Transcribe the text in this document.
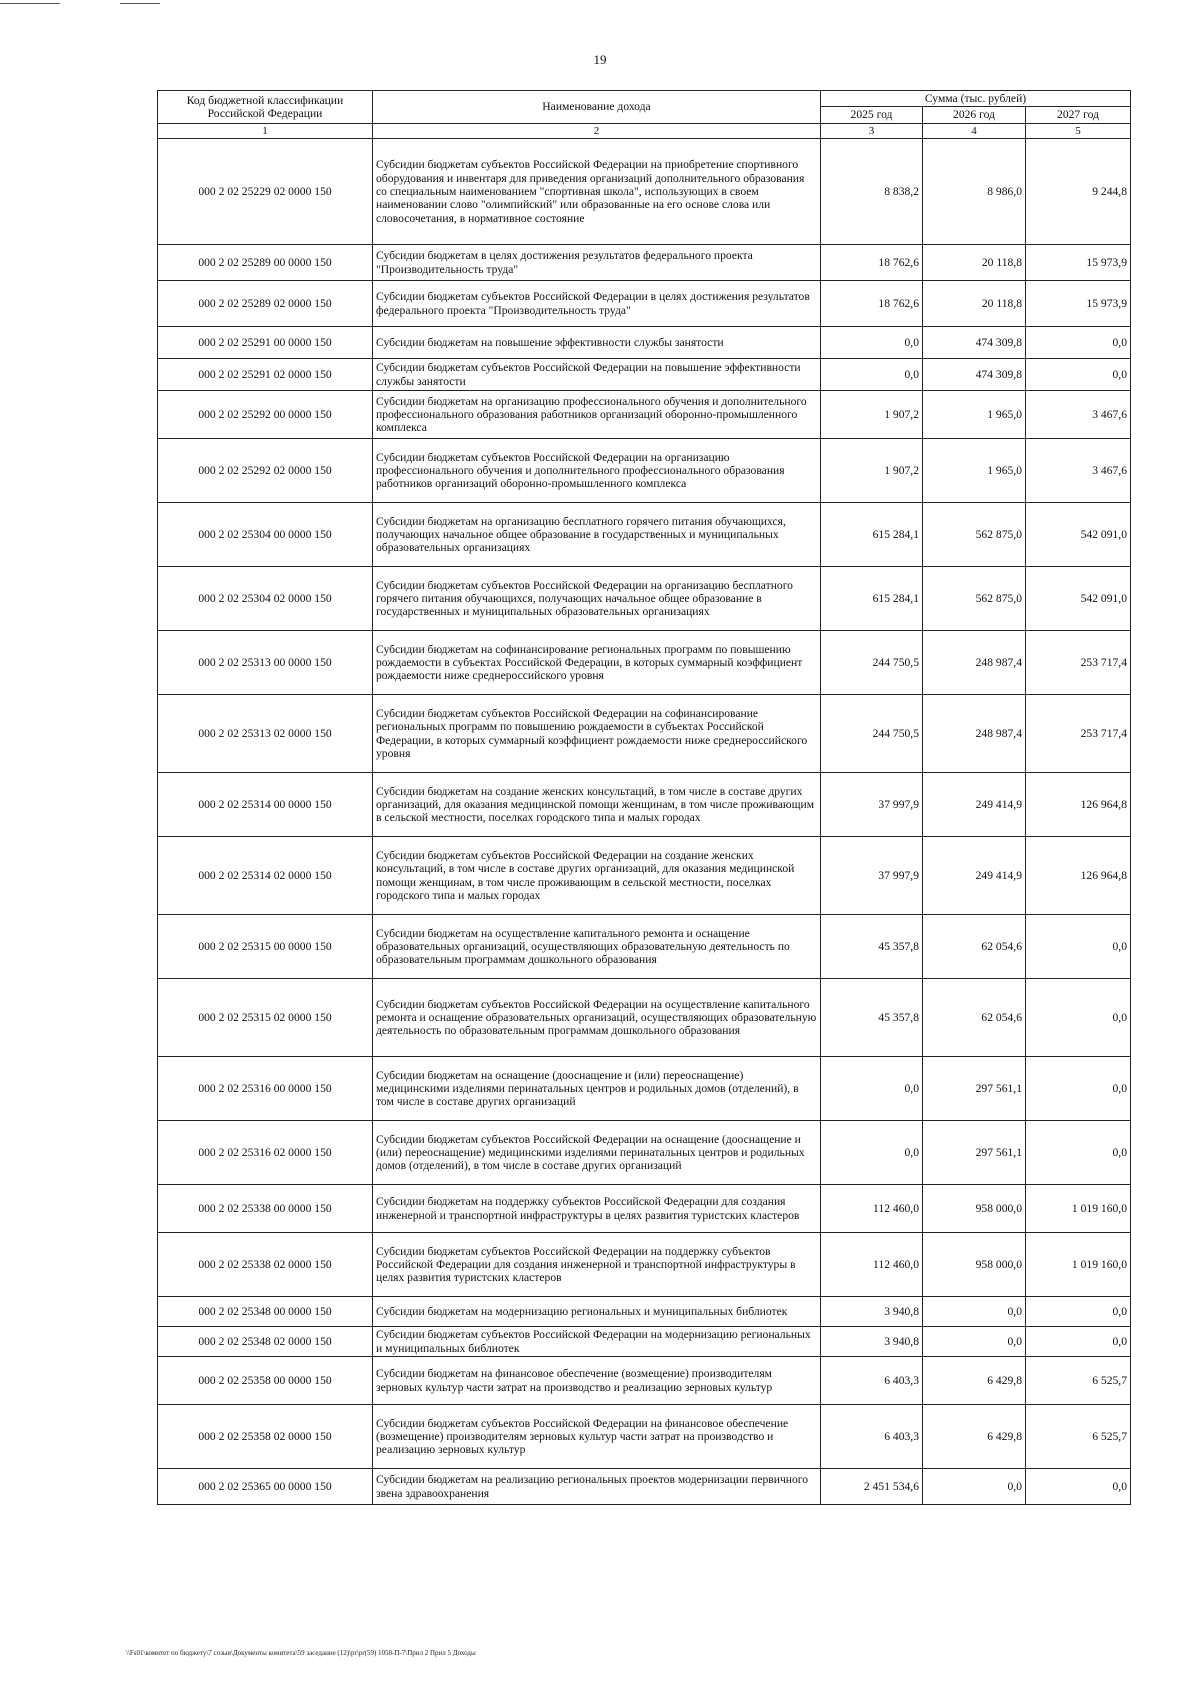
19
Код бюджетной классификации Российской Федерации	Наименование дохода	Сумма (тыс. рублей)		
		2025 год	2026 год	2027 год
1	2	3	4	5
000 2 02 25229 02 0000 150	Субсидии бюджетам субъектов Российской Федерации на приобретение спортивного оборудования и инвентаря для приведения организаций дополнительного образования со специальным наименованием "спортивная школа", использующих в своем наименовании слово "олимпийский" или образованные на его основе слова или словосочетания, в нормативное состояние	8 838,2	8 986,0	9 244,8
000 2 02 25289 00 0000 150	Субсидии бюджетам в целях достижения результатов федерального проекта "Производительность труда"	18 762,6	20 118,8	15 973,9
000 2 02 25289 02 0000 150	Субсидии бюджетам субъектов Российской Федерации в целях достижения результатов федерального проекта "Производительность труда"	18 762,6	20 118,8	15 973,9
000 2 02 25291 00 0000 150	Субсидии бюджетам на повышение эффективности службы занятости	0,0	474 309,8	0,0
000 2 02 25291 02 0000 150	Субсидии бюджетам субъектов Российской Федерации на повышение эффективности службы занятости	0,0	474 309,8	0,0
000 2 02 25292 00 0000 150	Субсидии бюджетам на организацию профессионального обучения и дополнительного профессионального образования работников организаций оборонно-промышленного комплекса	1 907,2	1 965,0	3 467,6
000 2 02 25292 02 0000 150	Субсидии бюджетам субъектов Российской Федерации на организацию профессионального обучения и дополнительного профессионального образования работников организаций оборонно-промышленного комплекса	1 907,2	1 965,0	3 467,6
000 2 02 25304 00 0000 150	Субсидии бюджетам на организацию бесплатного горячего питания обучающихся, получающих начальное общее образование в государственных и муниципальных образовательных организациях	615 284,1	562 875,0	542 091,0
000 2 02 25304 02 0000 150	Субсидии бюджетам субъектов Российской Федерации на организацию бесплатного горячего питания обучающихся, получающих начальное общее образование в государственных и муниципальных образовательных организациях	615 284,1	562 875,0	542 091,0
000 2 02 25313 00 0000 150	Субсидии бюджетам на софинансирование региональных программ по повышению рождаемости в субъектах Российской Федерации, в которых суммарный коэффициент рождаемости ниже среднероссийского уровня	244 750,5	248 987,4	253 717,4
000 2 02 25313 02 0000 150	Субсидии бюджетам субъектов Российской Федерации на софинансирование региональных программ по повышению рождаемости в субъектах Российской Федерации, в которых суммарный коэффициент рождаемости ниже среднероссийского уровня	244 750,5	248 987,4	253 717,4
000 2 02 25314 00 0000 150	Субсидии бюджетам на создание женских консультаций, в том числе в составе других организаций, для оказания медицинской помощи женщинам, в том числе проживающим в сельской местности, поселках городского типа и малых городах	37 997,9	249 414,9	126 964,8
000 2 02 25314 02 0000 150	Субсидии бюджетам субъектов Российской Федерации на создание женских консультаций, в том числе в составе других организаций, для оказания медицинской помощи женщинам, в том числе проживающим в сельской местности, поселках городского типа и малых городах	37 997,9	249 414,9	126 964,8
000 2 02 25315 00 0000 150	Субсидии бюджетам на осуществление капитального ремонта и оснащение образовательных организаций, осуществляющих образовательную деятельность по образовательным программам дошкольного образования	45 357,8	62 054,6	0,0
000 2 02 25315 02 0000 150	Субсидии бюджетам субъектов Российской Федерации на осуществление капитального ремонта и оснащение образовательных организаций, осуществляющих образовательную деятельность по образовательным программам дошкольного образования	45 357,8	62 054,6	0,0
000 2 02 25316 00 0000 150	Субсидии бюджетам на оснащение (дооснащение и (или) переоснащение) медицинскими изделиями перинатальных центров и родильных домов (отделений), в том числе в составе других организаций	0,0	297 561,1	0,0
000 2 02 25316 02 0000 150	Субсидии бюджетам субъектов Российской Федерации на оснащение (дооснащение и (или) переоснащение) медицинскими изделиями перинатальных центров и родильных домов (отделений), в том числе в составе других организаций	0,0	297 561,1	0,0
000 2 02 25338 00 0000 150	Субсидии бюджетам на поддержку субъектов Российской Федерации для создания инженерной и транспортной инфраструктуры в целях развития туристских кластеров	112 460,0	958 000,0	1 019 160,0
000 2 02 25338 02 0000 150	Субсидии бюджетам субъектов Российской Федерации на поддержку субъектов Российской Федерации для создания инженерной и транспортной инфраструктуры в целях развития туристских кластеров	112 460,0	958 000,0	1 019 160,0
000 2 02 25348 00 0000 150	Субсидии бюджетам на модернизацию региональных и муниципальных библиотек	3 940,8	0,0	0,0
000 2 02 25348 02 0000 150	Субсидии бюджетам субъектов Российской Федерации на модернизацию региональных и муниципальных библиотек	3 940,8	0,0	0,0
000 2 02 25358 00 0000 150	Субсидии бюджетам на финансовое обеспечение (возмещение) производителям зерновых культур части затрат на производство и реализацию зерновых культур	6 403,3	6 429,8	6 525,7
000 2 02 25358 02 0000 150	Субсидии бюджетам субъектов Российской Федерации на финансовое обеспечение (возмещение) производителям зерновых культур части затрат на производство и реализацию зерновых культур	6 403,3	6 429,8	6 525,7
000 2 02 25365 00 0000 150	Субсидии бюджетам на реализацию региональных проектов модернизации первичного звена здравоохранения	2 451 534,6	0,0	0,0
\\Fs01\комитет по бюджету\7 созыв\Документы комитета\59 заседание (12)\pr\pr(59) 1058-П-7\Прил 2 Прил 5 Доходы
